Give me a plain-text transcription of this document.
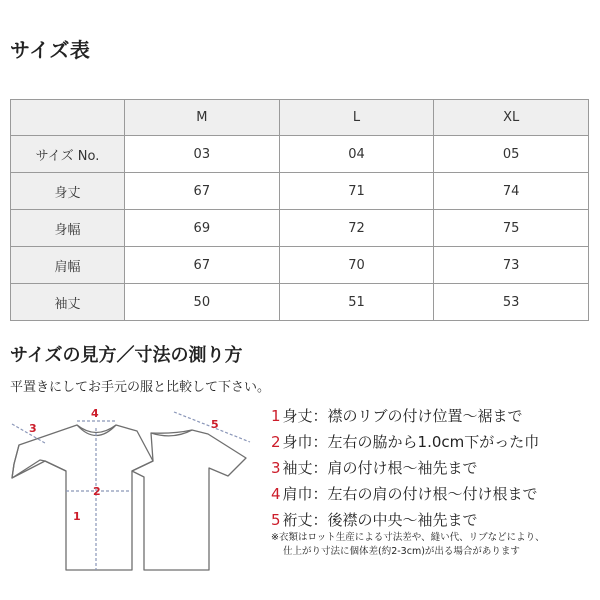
サイズ表
	M	L	XL
サイズ No.	03	04	05
身丈	67	71	74
身幅	69	72	75
肩幅	67	70	73
袖丈	50	51	53
サイズの見方／寸法の測り方
平置きにしてお手元の服と比較して下さい。
4
3	5
2
1
1 身丈：襟のリブの付け位置〜裾まで
2 身巾：左右の脇から1.0cm下がった巾
3 袖丈：肩の付け根〜袖先まで
4 肩巾：左右の肩の付け根〜付け根まで
5 裄丈：後襟の中央〜袖先まで
※衣類はロット生産による寸法差や、縫い代、リブなどにより、
仕上がり寸法に個体差(約2-3cm)が出る場合があります
